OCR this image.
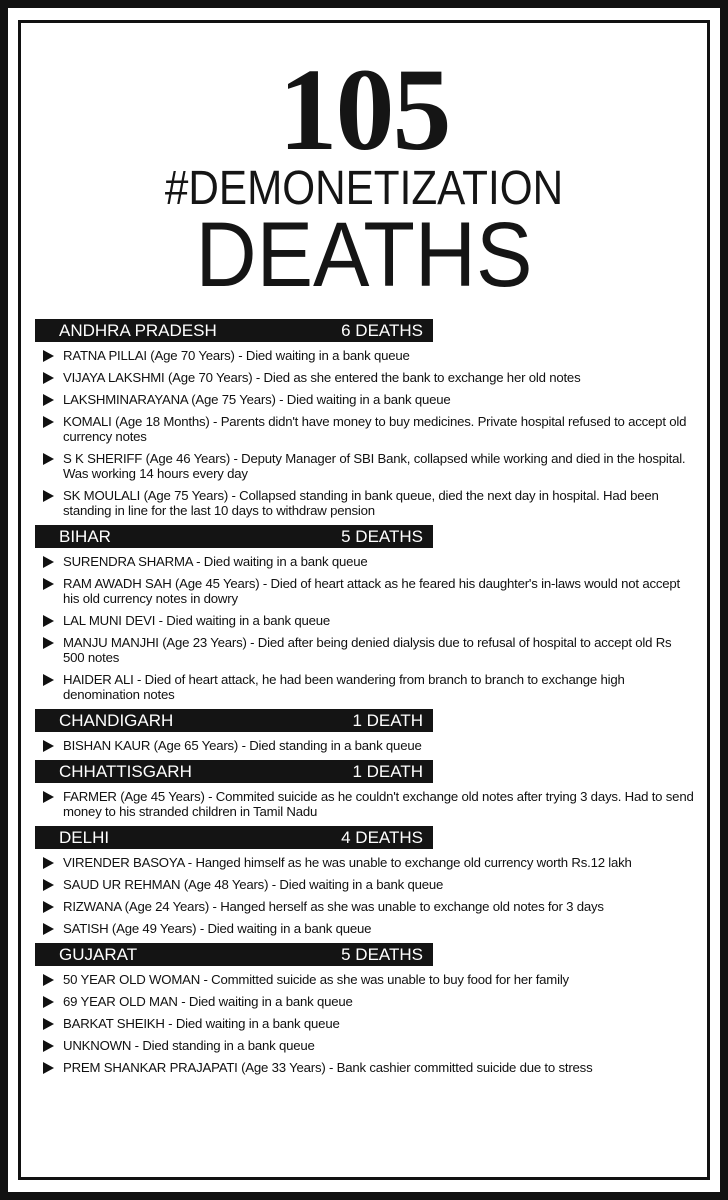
105
#DEMONETIZATION
DEATHS
ANDHRA PRADESH	6 DEATHS
RATNA PILLAI (Age 70 Years) - Died waiting in a bank queue
VIJAYA LAKSHMI (Age 70 Years) - Died as she entered the bank to exchange her old notes
LAKSHMINARAYANA (Age 75 Years) - Died waiting in a bank queue
KOMALI (Age 18 Months) - Parents didn't have money to buy medicines. Private hospital refused to accept old currency notes
S K SHERIFF (Age 46 Years) - Deputy Manager of SBI Bank, collapsed while working and died in the hospital. Was working 14 hours every day
SK MOULALI (Age 75 Years) - Collapsed standing in bank queue, died the next day in hospital. Had been standing in line for the last 10 days to withdraw pension
BIHAR	5 DEATHS
SURENDRA SHARMA - Died waiting in a bank queue
RAM AWADH SAH (Age 45 Years) - Died of heart attack as he feared his daughter's in-laws would not accept his old currency notes in dowry
LAL MUNI DEVI - Died waiting in a bank queue
MANJU MANJHI (Age 23 Years) - Died after being denied dialysis due to refusal of hospital to accept old Rs 500 notes
HAIDER ALI - Died of heart attack, he had been wandering from branch to branch to exchange high denomination notes
CHANDIGARH	1 DEATH
BISHAN KAUR (Age 65 Years) - Died standing in a bank queue
CHHATTISGARH	1 DEATH
FARMER (Age 45 Years) - Commited suicide as he couldn't exchange old notes after trying 3 days. Had to send money to his stranded children in Tamil Nadu
DELHI	4 DEATHS
VIRENDER BASOYA - Hanged himself as he was unable to exchange old currency worth Rs.12 lakh
SAUD UR REHMAN (Age 48 Years) - Died waiting in a bank queue
RIZWANA (Age 24 Years) - Hanged herself as she was unable to exchange old notes for 3 days
SATISH (Age 49 Years) - Died waiting in a bank queue
GUJARAT	5 DEATHS
50 YEAR OLD WOMAN - Committed suicide as she was unable to buy food for her family
69 YEAR OLD MAN - Died waiting in a bank queue
BARKAT SHEIKH - Died waiting in a bank queue
UNKNOWN - Died standing in a bank queue
PREM SHANKAR PRAJAPATI (Age 33 Years) - Bank cashier committed suicide due to stress
